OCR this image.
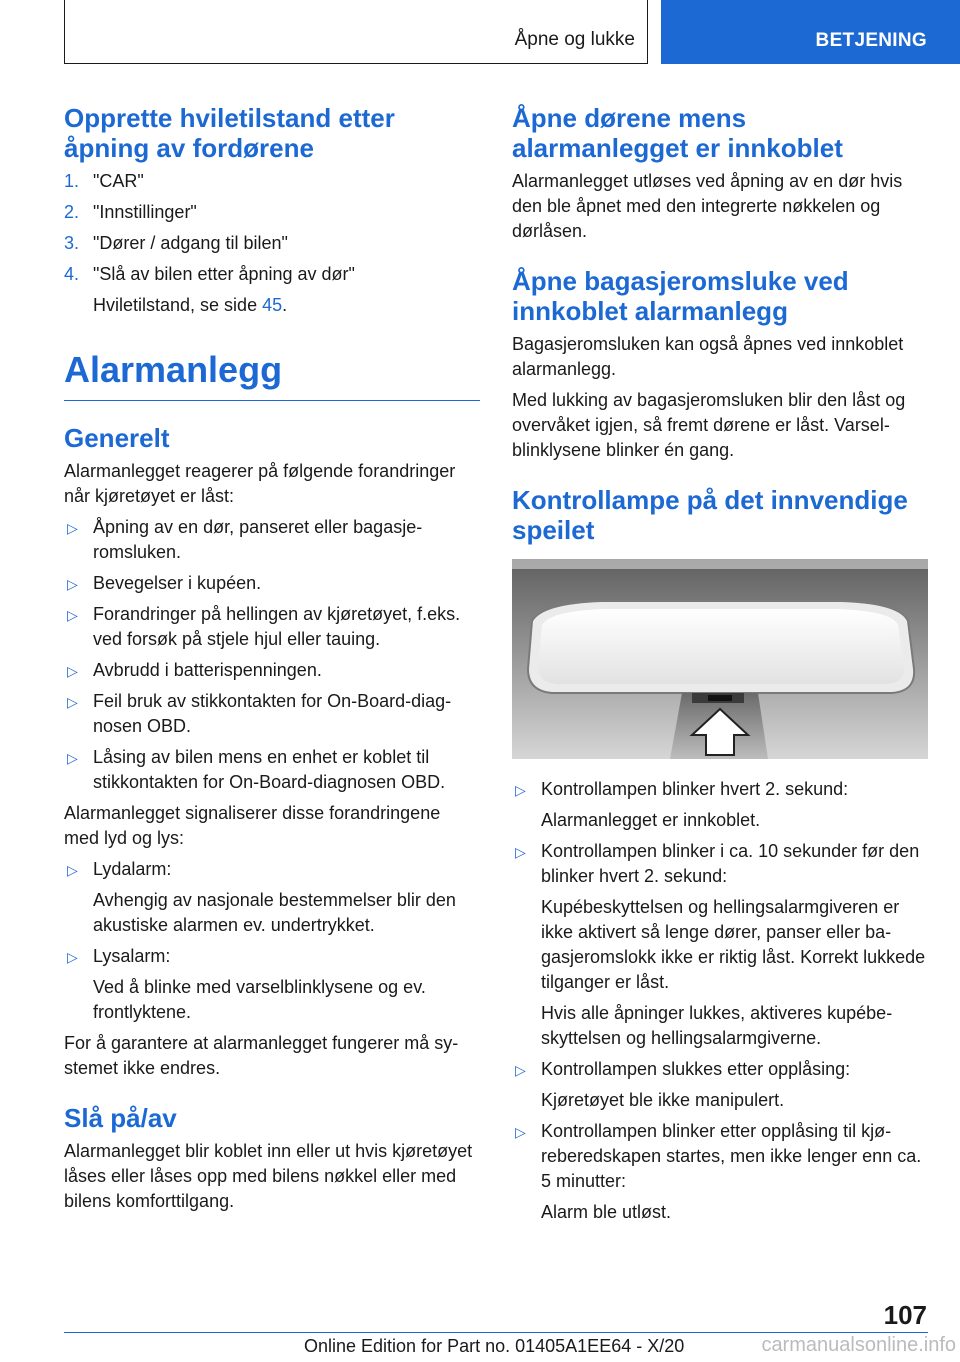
Åpne og lukke	BETJENING
Opprette hviletilstand etter åpning av fordørene
1. "CAR"
2. "Innstillinger"
3. "Dører / adgang til bilen"
4. "Slå av bilen etter åpning av dør"
Hviletilstand, se side 45.
Alarmanlegg
Generelt

Alarmanlegget reagerer på følgende forandringer når kjøretøyet er låst:

▷ Åpning av en dør, panseret eller bagasjeromsluken.
▷ Bevegelser i kupéen.
▷ Forandringer på hellingen av kjøretøyet, f.eks. ved forsøk på stjele hjul eller tauing.
▷ Avbrudd i batterispenningen.
▷ Feil bruk av stikkontakten for On-Board-diagnosen OBD.
▷ Låsing av bilen mens en enhet er koblet til stikkontakten for On-Board-diagnosen OBD.

Alarmanlegget signaliserer disse forandringene med lyd og lys:

▷ Lydalarm:
Avhengig av nasjonale bestemmelser blir den akustiske alarmen ev. undertrykket.
▷ Lysalarm:
Ved å blinke med varselblinklysene og ev. frontlyktene.

For å garantere at alarmanlegget fungerer må systemet ikke endres.

Slå på/av

Alarmanlegget blir koblet inn eller ut hvis kjøretøyet låses eller låses opp med bilens nøkkel eller med bilens komforttilgang.

Åpne dørene mens alarmanlegget er innkoblet

Alarmanlegget utløses ved åpning av en dør hvis den ble åpnet med den integrerte nøkkelen og dørlåsen.

Åpne bagasjeromsluke ved innkoblet alarmanlegg

Bagasjeromsluken kan også åpnes ved innkoblet alarmanlegg.

Med lukking av bagasjeromsluken blir den låst og overvåket igjen, så fremt dørene er låst. Varselblinklysene blinker én gang.

Kontrollampe på det innvendige speilet
▷ Kontrollampen blinker hvert 2. sekund:
Alarmanlegget er innkoblet.
▷ Kontrollampen blinker i ca. 10 sekunder før den blinker hvert 2. sekund:
Kupébeskyttelsen og hellingsalarmgiveren er ikke aktivert så lenge dører, panser eller bagasjeromslokk ikke er riktig låst. Korrekt lukkede tilganger er låst.
Hvis alle åpninger lukkes, aktiveres kupébeskyttelsen og hellingsalarmgiverne.
▷ Kontrollampen slukkes etter opplåsing:
Kjøretøyet ble ikke manipulert.
▷ Kontrollampen blinker etter opplåsing til kjøreberedskapen startes, men ikke lenger enn ca. 5 minutter:
Alarm ble utløst.
107
Online Edition for Part no. 01405A1EE64 - X/20	carmanualsonline.info
